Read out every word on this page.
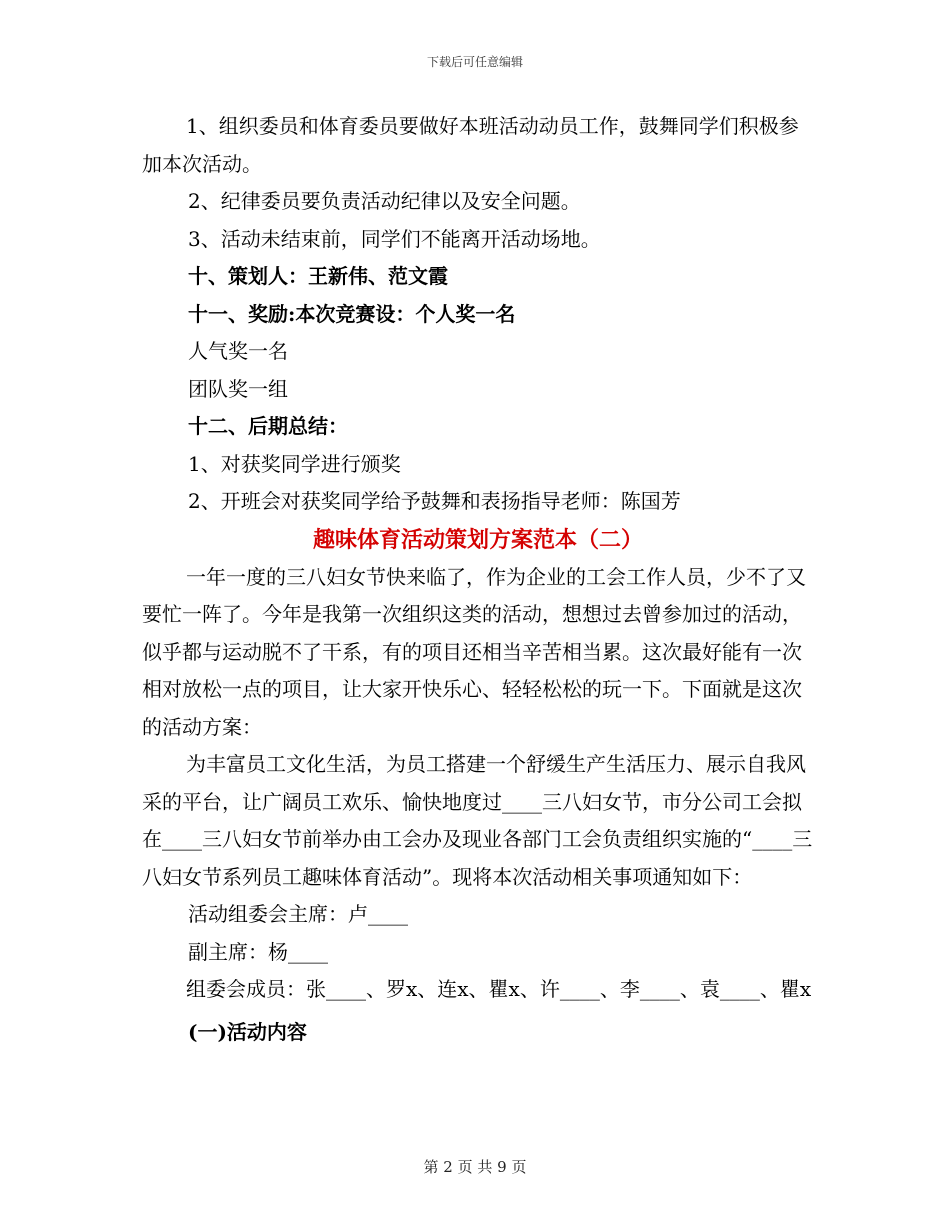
下载后可任意编辑

1、组织委员和体育委员要做好本班活动动员工作，鼓舞同学们积极参加本次活动。

2、纪律委员要负责活动纪律以及安全问题。

3、活动未结束前，同学们不能离开活动场地。

十、策划人：王新伟、范文霞

十一、奖励:本次竞赛设：个人奖一名

人气奖一名

团队奖一组

十二、后期总结：

1、对获奖同学进行颁奖

2、开班会对获奖同学给予鼓舞和表扬指导老师：陈国芳

趣味体育活动策划方案范本（二）

一年一度的三八妇女节快来临了，作为企业的工会工作人员，少不了又要忙一阵了。今年是我第一次组织这类的活动，想想过去曾参加过的活动，似乎都与运动脱不了干系，有的项目还相当辛苦相当累。这次最好能有一次相对放松一点的项目，让大家开快乐心、轻轻松松的玩一下。下面就是这次的活动方案：

为丰富员工文化生活，为员工搭建一个舒缓生产生活压力、展示自我风采的平台，让广阔员工欢乐、愉快地度过____三八妇女节，市分公司工会拟在____三八妇女节前举办由工会办及现业各部门工会负责组织实施的“____三八妇女节系列员工趣味体育活动”。现将本次活动相关事项通知如下：

活动组委会主席：卢____

副主席：杨____

组委会成员：张____、罗x、连x、瞿x、许____、李____、袁____、瞿x

(一)活动内容

第 2 页 共 9 页
